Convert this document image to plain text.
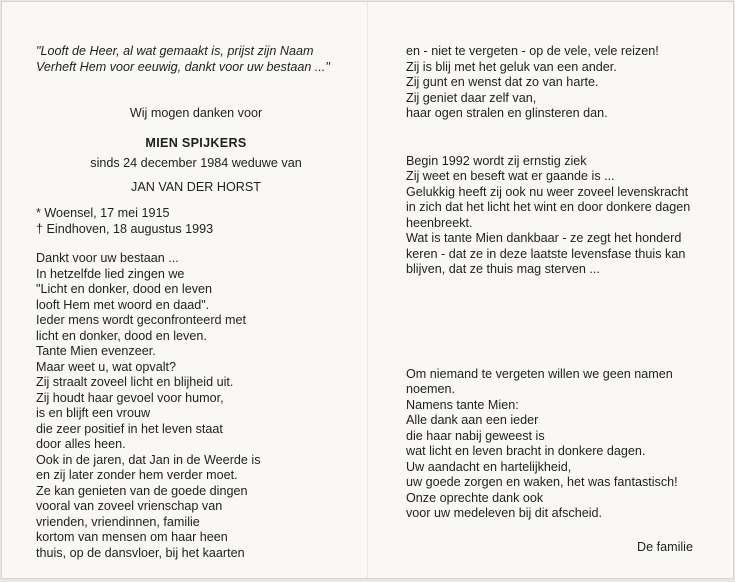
"Looft de Heer, al wat gemaakt is, prijst zijn Naam
Verheft Hem voor eeuwig, dankt voor uw bestaan ..."
Wij mogen danken voor
MIEN SPIJKERS
sinds 24 december 1984 weduwe van
JAN VAN DER HORST
* Woensel, 17 mei 1915
† Eindhoven, 18 augustus 1993
Dankt voor uw bestaan ...
In hetzelfde lied zingen we
"Licht en donker, dood en leven
looft Hem met woord en daad".
Ieder mens wordt geconfronteerd met
licht en donker, dood en leven.
Tante Mien evenzeer.
Maar weet u, wat opvalt?
Zij straalt zoveel licht en blijheid uit.
Zij houdt haar gevoel voor humor,
is en blijft een vrouw
die zeer positief in het leven staat
door alles heen.
Ook in de jaren, dat Jan in de Weerde is
en zij later zonder hem verder moet.
Ze kan genieten van de goede dingen
vooral van zoveel vrienschap van
vrienden, vriendinnen, familie
kortom van mensen om haar heen
thuis, op de dansvloer, bij het kaarten
en - niet te vergeten - op de vele, vele reizen!
Zij is blij met het geluk van een ander.
Zij gunt en wenst dat zo van harte.
Zij geniet daar zelf van,
haar ogen stralen en glinsteren dan.
Begin 1992 wordt zij ernstig ziek
Zij weet en beseft wat er gaande is ...
Gelukkig heeft zij ook nu weer zoveel levenskracht
in zich dat het licht het wint en door donkere dagen
heenbreekt.
Wat is tante Mien dankbaar - ze zegt het honderd
keren - dat ze in deze laatste levensfase thuis kan
blijven, dat ze thuis mag sterven ...
Om niemand te vergeten willen we geen namen
noemen.
Namens tante Mien:
Alle dank aan een ieder
die haar nabij geweest is
wat licht en leven bracht in donkere dagen.
Uw aandacht en hartelijkheid,
uw goede zorgen en waken, het was fantastisch!
Onze oprechte dank ook
voor uw medeleven bij dit afscheid.
De familie
